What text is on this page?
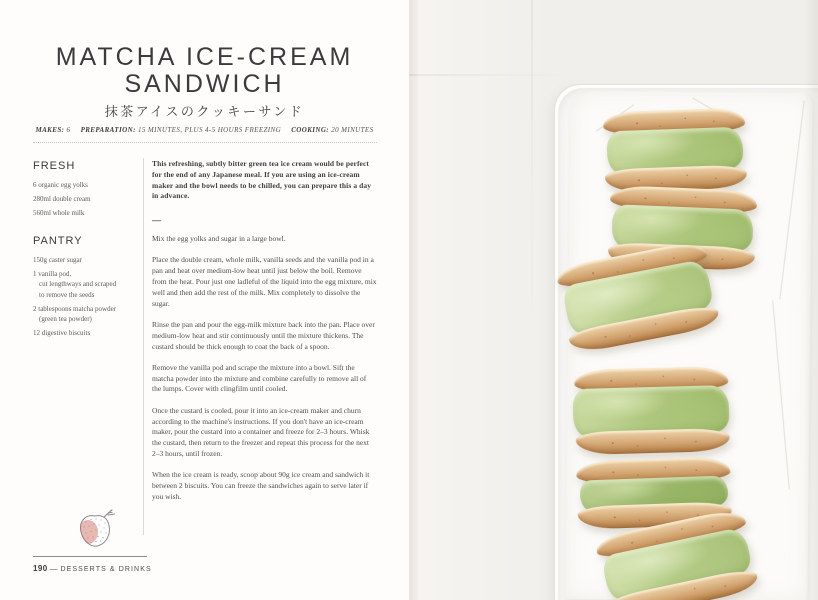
MATCHA ICE-CREAM
SANDWICH
抹茶アイスのクッキーサンド
MAKES: 6 PREPARATION: 15 MINUTES, PLUS 4-5 HOURS FREEZING COOKING: 20 MINUTES
FRESH
6 organic egg yolks
280ml double cream
560ml whole milk
PANTRY
150g caster sugar
1 vanilla pod,
cut lengthways and scraped
to remove the seeds
2 tablespoons matcha powder
(green tea powder)
12 digestive biscuits

This refreshing, subtly bitter green tea ice cream would be perfect for the end of any Japanese meal. If you are using an ice-cream maker and the bowl needs to be chilled, you can prepare this a day in advance.

—

Mix the egg yolks and sugar in a large bowl.

Place the double cream, whole milk, vanilla seeds and the vanilla pod in a pan and heat over medium-low heat until just below the boil. Remove from the heat. Pour just one ladleful of the liquid into the egg mixture, mix well and then add the rest of the milk. Mix completely to dissolve the sugar.

Rinse the pan and pour the egg-milk mixture back into the pan. Place over medium-low heat and stir continuously until the mixture thickens. The custard should be thick enough to coat the back of a spoon.

Remove the vanilla pod and scrape the mixture into a bowl. Sift the matcha powder into the mixture and combine carefully to remove all of the lumps. Cover with clingfilm until cooled.

Once the custard is cooled, pour it into an ice-cream maker and churn according to the machine's instructions. If you don't have an ice-cream maker, pour the custard into a container and freeze for 2–3 hours. Whisk the custard, then return to the freezer and repeat this process for the next 2–3 hours, until frozen.

When the ice cream is ready, scoop about 90g ice cream and sandwich it between 2 biscuits. You can freeze the sandwiches again to serve later if you wish.

190 — DESSERTS & DRINKS
